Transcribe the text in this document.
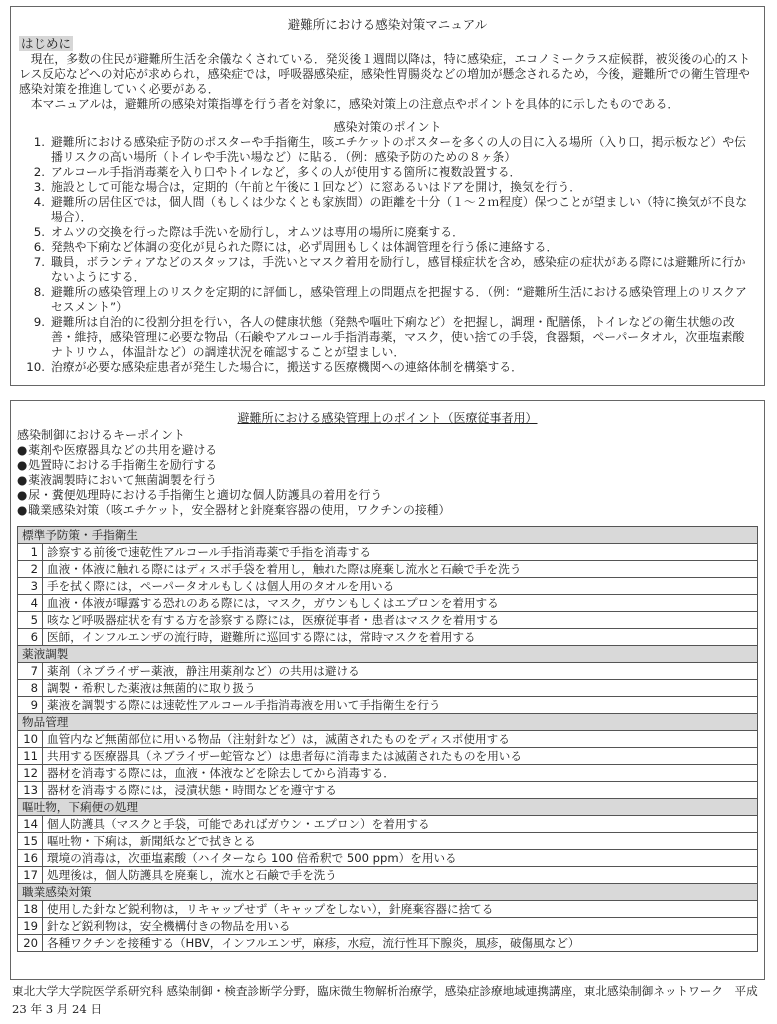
避難所における感染対策マニュアル
はじめに

現在，多数の住民が避難所生活を余儀なくされている．発災後１週間以降は，特に感染症，エコノミークラス症候群，被災後の心的ストレス反応などへの対応が求められ，感染症では，呼吸器感染症，感染性胃腸炎などの増加が懸念されるため，今後，避難所での衛生管理や感染対策を推進していく必要がある．

本マニュアルは，避難所の感染対策指導を行う者を対象に，感染対策上の注意点やポイントを具体的に示したものである．

感染対策のポイント
1. 避難所における感染症予防のポスターや手指衛生，咳エチケットのポスターを多くの人の目に入る場所（入り口，掲示板など）や伝播リスクの高い場所（トイレや手洗い場など）に貼る．（例：感染予防のための８ヶ条）
2. アルコール手指消毒薬を入り口やトイレなど，多くの人が使用する箇所に複数設置する．
3. 施設として可能な場合は，定期的（午前と午後に１回など）に窓あるいはドアを開け，換気を行う．
4. 避難所の居住区では，個人間（もしくは少なくとも家族間）の距離を十分（１〜２ｍ程度）保つことが望ましい（特に換気が不良な場合）．
5. オムツの交換を行った際は手洗いを励行し，オムツは専用の場所に廃棄する．
6. 発熱や下痢など体調の変化が見られた際には，必ず周囲もしくは体調管理を行う係に連絡する．
7. 職員，ボランティアなどのスタッフは，手洗いとマスク着用を励行し，感冒様症状を含め，感染症の症状がある際には避難所に行かないようにする．
8. 避難所の感染管理上のリスクを定期的に評価し，感染管理上の問題点を把握する．（例：“避難所生活における感染管理上のリスクアセスメント”）
9. 避難所は自治的に役割分担を行い，各人の健康状態（発熱や嘔吐下痢など）を把握し，調理・配膳係，トイレなどの衛生状態の改善・維持，感染管理に必要な物品（石鹸やアルコール手指消毒薬，マスク，使い捨ての手袋，食器類，ペーパータオル，次亜塩素酸ナトリウム，体温計など）の調達状況を確認することが望ましい．
10. 治療が必要な感染症患者が発生した場合に，搬送する医療機関への連絡体制を構築する．
避難所における感染管理上のポイント（医療従事者用）
感染制御におけるキーポイント
●薬剤や医療器具などの共用を避ける
●処置時における手指衛生を励行する
●薬液調製時において無菌調製を行う
●尿・糞便処理時における手指衛生と適切な個人防護具の着用を行う
●職業感染対策（咳エチケット，安全器材と針廃棄容器の使用，ワクチンの接種）
標準予防策・手指衛生	
1	診察する前後で速乾性アルコール手指消毒薬で手指を消毒する
2	血液・体液に触れる際にはディスポ手袋を着用し，触れた際は廃棄し流水と石鹸で手を洗う
3	手を拭く際には，ペーパータオルもしくは個人用のタオルを用いる
4	血液・体液が曝露する恐れのある際には，マスク，ガウンもしくはエプロンを着用する
5	咳など呼吸器症状を有する方を診察する際には，医療従事者・患者はマスクを着用する
6	医師，インフルエンザの流行時，避難所に巡回する際には，常時マスクを着用する
薬液調製	
7	薬剤（ネブライザー薬液，静注用薬剤など）の共用は避ける
8	調製・希釈した薬液は無菌的に取り扱う
9	薬液を調製する際には速乾性アルコール手指消毒液を用いて手指衛生を行う
物品管理	
10	血管内など無菌部位に用いる物品（注射針など）は，滅菌されたものをディスポ使用する
11	共用する医療器具（ネブライザー蛇管など）は患者毎に消毒または滅菌されたものを用いる
12	器材を消毒する際には，血液・体液などを除去してから消毒する．
13	器材を消毒する際には，浸漬状態・時間などを遵守する
嘔吐物，下痢便の処理	
14	個人防護具（マスクと手袋，可能であればガウン・エプロン）を着用する
15	嘔吐物・下痢は，新聞紙などで拭きとる
16	環境の消毒は，次亜塩素酸（ハイターなら 100 倍希釈で 500 ppm）を用いる
17	処理後は，個人防護具を廃棄し，流水と石鹸で手を洗う
職業感染対策	
18	使用した針など鋭利物は，リキャップせず（キャップをしない），針廃棄容器に捨てる
19	針など鋭利物は，安全機構付きの物品を用いる
20	各種ワクチンを接種する（HBV，インフルエンザ，麻疹，水痘，流行性耳下腺炎，風疹，破傷風など）
東北大学大学院医学系研究科 感染制御・検査診断学分野，臨床微生物解析治療学，感染症診療地域連携講座，東北感染制御ネットワーク　平成 23 年 3 月 24 日
